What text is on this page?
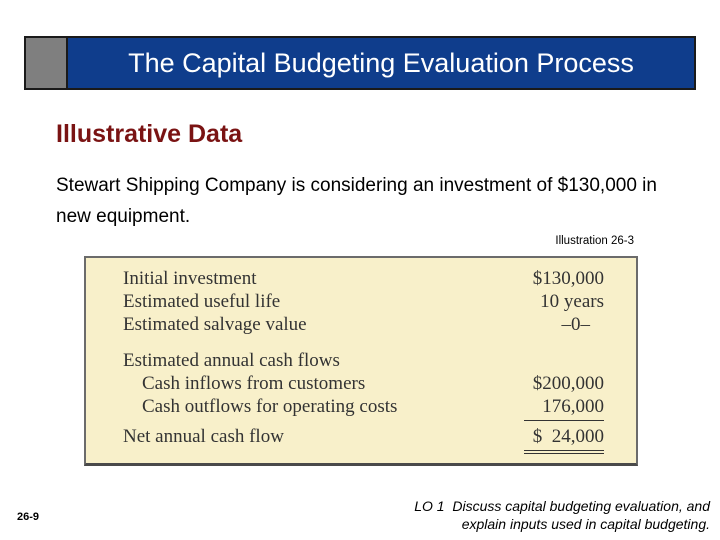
The Capital Budgeting Evaluation Process
Illustrative Data
Stewart Shipping Company is considering an investment of $130,000 in new equipment.
Illustration 26-3
Initial investment	$130,000
Estimated useful life	10 years
Estimated salvage value	–0–
Estimated annual cash flows
Cash inflows from customers	$200,000
Cash outflows for operating costs	176,000
Net annual cash flow	$  24,000
26-9
LO 1 Discuss capital budgeting evaluation, and
explain inputs used in capital budgeting.
